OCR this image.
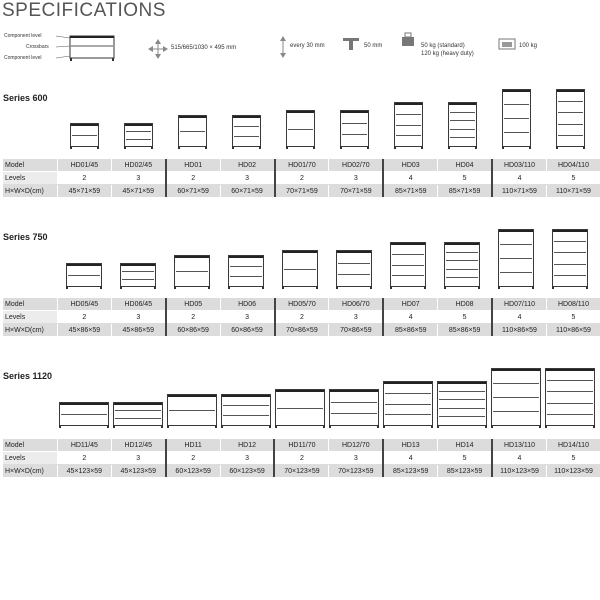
SPECIFICATIONS
Component level
Crossbars
Component level
515/665/1030 × 495 mm	every 30 mm	50 mm	50 kg (standard)
120 kg (heavy duty)
100 kg
Series 600
Model	HD01/45	HD02/45	HD01	HD02	HD01/70	HD02/70	HD03	HD04	HD03/110	HD04/110
Levels	2	3	2	3	2	3	4	5	4	5
H×W×D(cm)	45×71×59	45×71×59	60×71×59	60×71×59	70×71×59	70×71×59	85×71×59	85×71×59	110×71×59	110×71×59
Series 750
Model	HD05/45	HD06/45	HD05	HD06	HD05/70	HD06/70	HD07	HD08	HD07/110	HD08/110
Levels	2	3	2	3	2	3	4	5	4	5
H×W×D(cm)	45×86×59	45×86×59	60×86×59	60×86×59	70×86×59	70×86×59	85×86×59	85×86×59	110×86×59	110×86×59
Series 1120
Model	HD11/45	HD12/45	HD11	HD12	HD11/70	HD12/70	HD13	HD14	HD13/110	HD14/110
Levels	2	3	2	3	2	3	4	5	4	5
H×W×D(cm)	45×123×59	45×123×59	60×123×59	60×123×59	70×123×59	70×123×59	85×123×59	85×123×59	110×123×59	110×123×59
